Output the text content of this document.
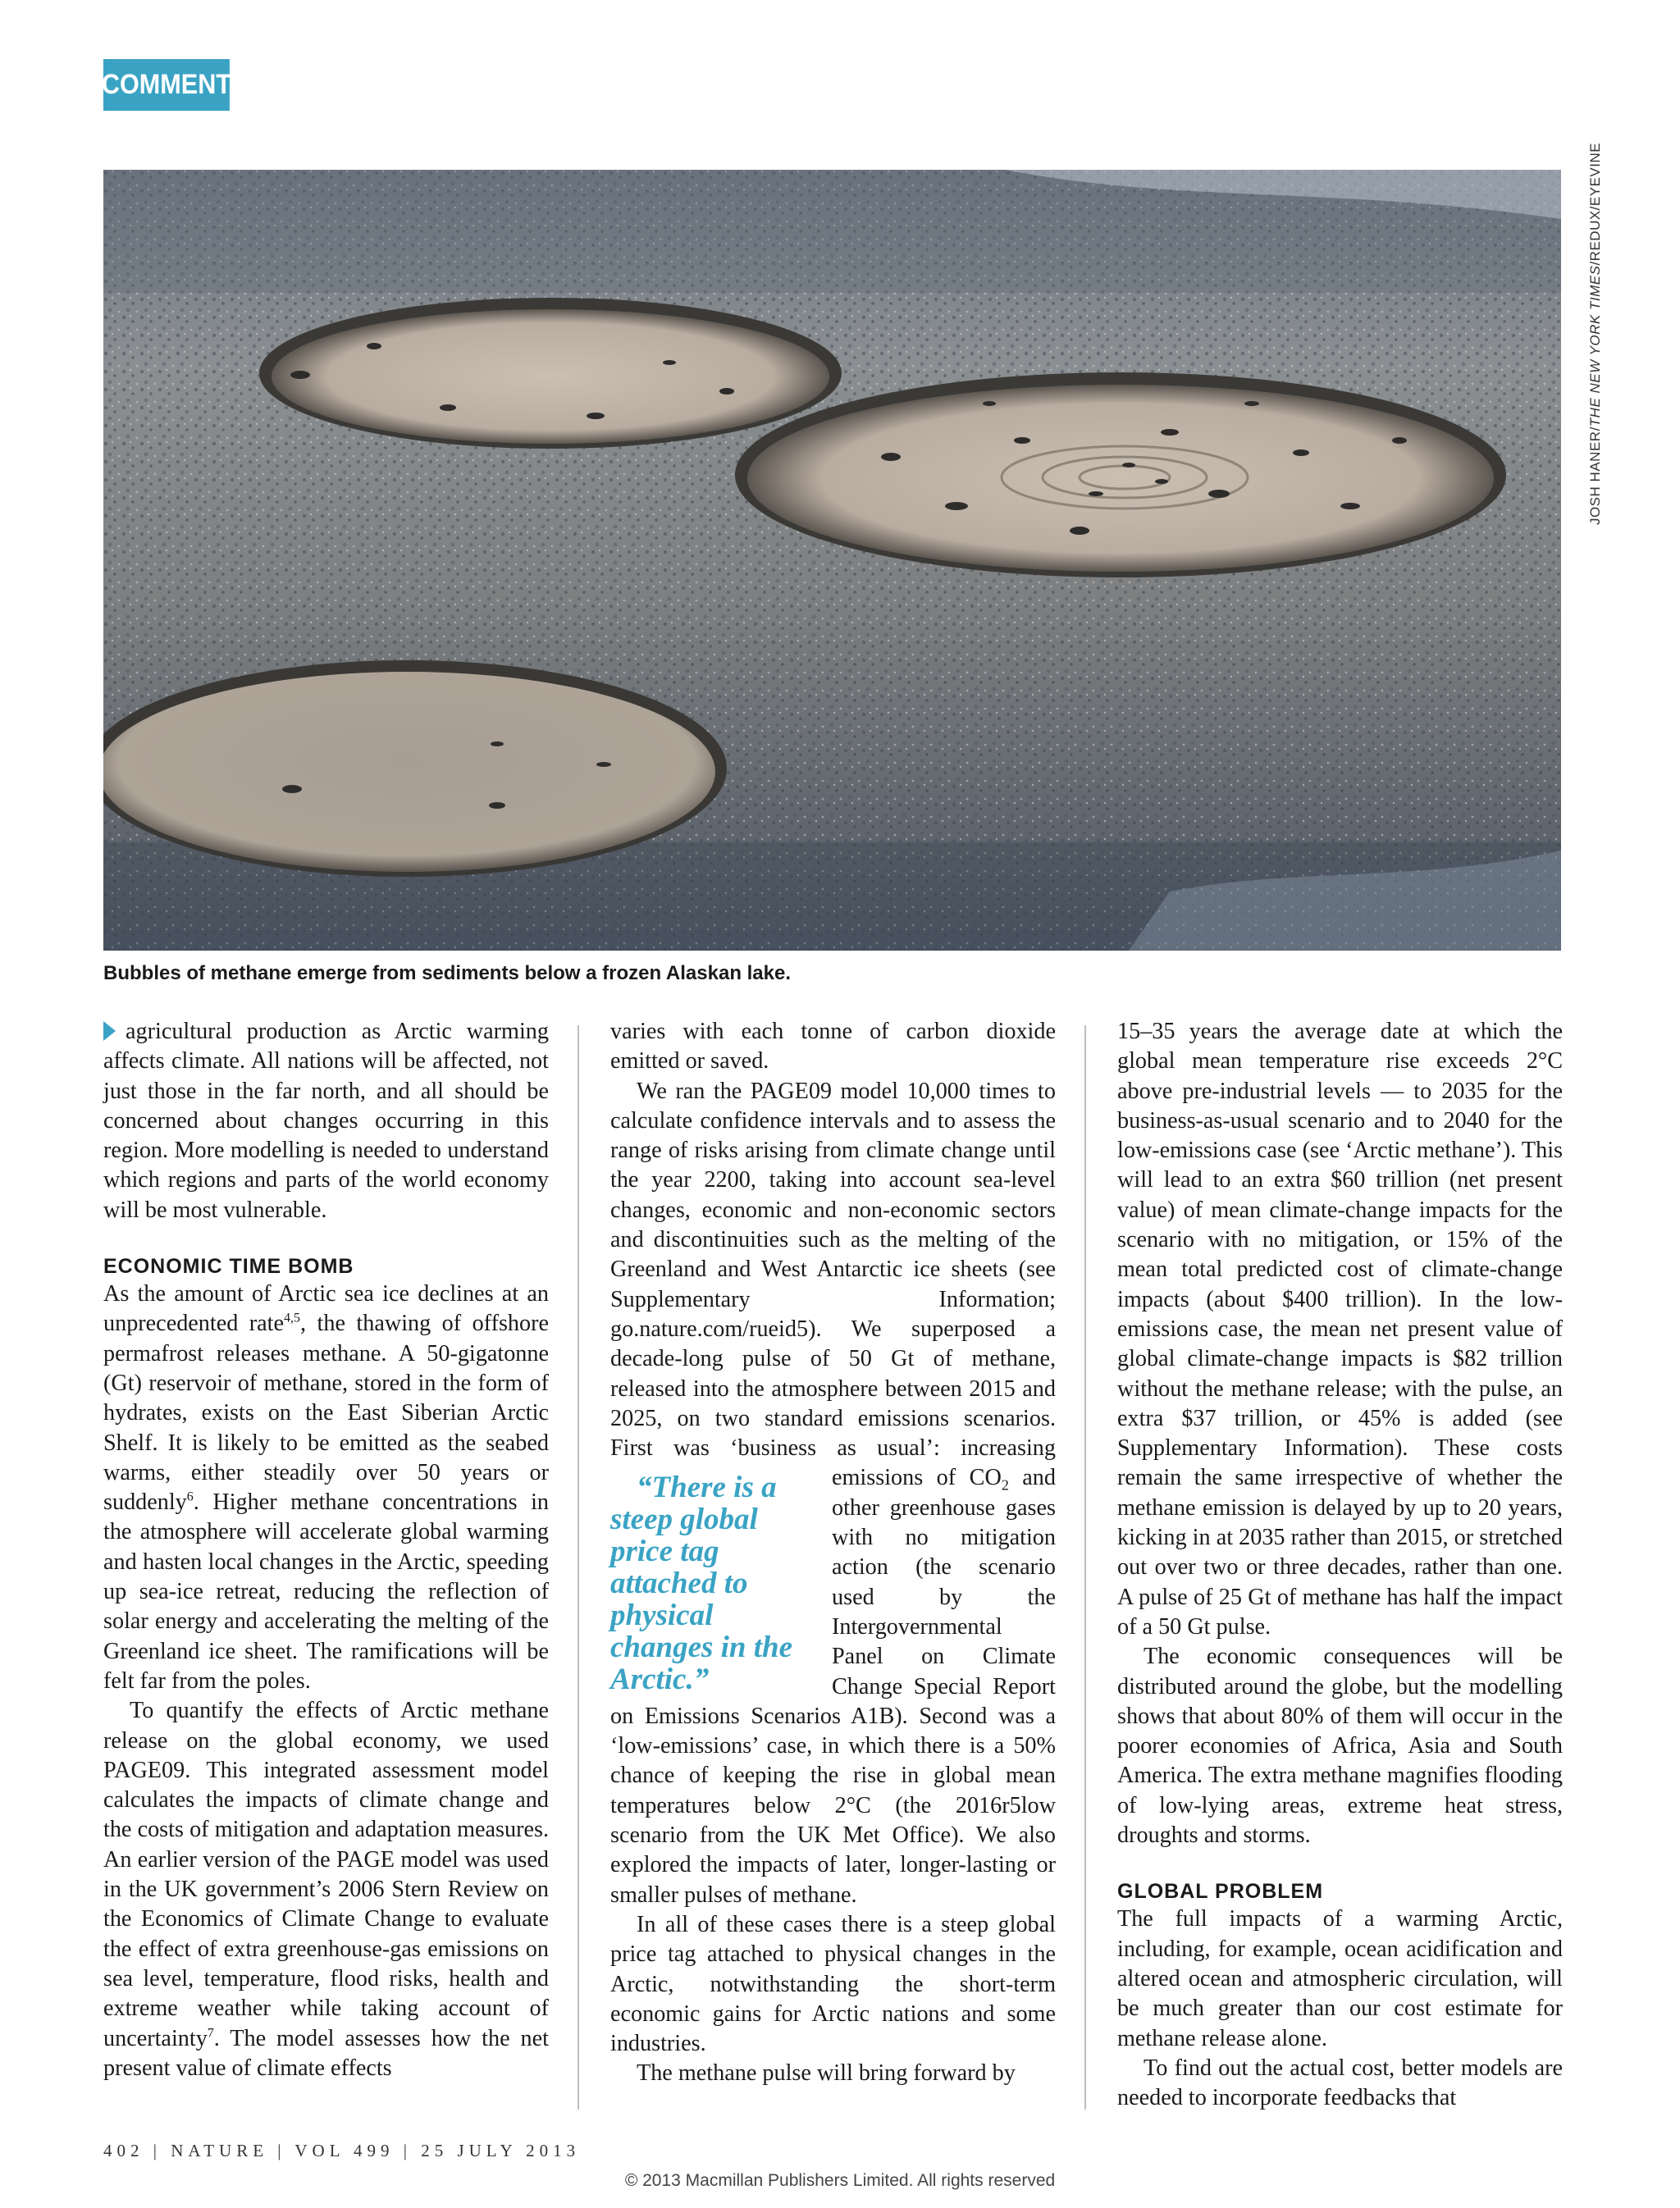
COMMENT
JOSH HANER/THE NEW YORK TIMES/REDUX/EYEVINE
Bubbles of methane emerge from sediments below a frozen Alaskan lake.

agricultural production as Arctic warming affects climate. All nations will be affected, not just those in the far north, and all should be concerned about changes occurring in this region. More modelling is needed to understand which regions and parts of the world economy will be most vulnerable.

ECONOMIC TIME BOMB

As the amount of Arctic sea ice declines at an unprecedented rate$^{4,5}$, the thawing of offshore permafrost releases methane. A 50-gigatonne (Gt) reservoir of methane, stored in the form of hydrates, exists on the East Siberian Arctic Shelf. It is likely to be emitted as the seabed warms, either steadily over 50 years or suddenly$^6$. Higher methane concentrations in the atmosphere will accelerate global warming and hasten local changes in the Arctic, speeding up sea-ice retreat, reducing the reflection of solar energy and accelerating the melting of the Greenland ice sheet. The ramifications will be felt far from the poles.

To quantify the effects of Arctic methane release on the global economy, we used PAGE09. This integrated assessment model calculates the impacts of climate change and the costs of mitigation and adaptation measures. An earlier version of the PAGE model was used in the UK government’s 2006 Stern Review on the Economics of Climate Change to evaluate the effect of extra greenhouse-gas emissions on sea level, temperature, flood risks, health and extreme weather while taking account of uncertainty$^7$. The model assesses how the net present value of climate effects

varies with each tonne of carbon dioxide emitted or saved.

We ran the PAGE09 model 10,000 times to calculate confidence intervals and to assess the range of risks arising from climate change until the year 2200, taking into account sea-level changes, economic and non-economic sectors and discontinuities such as the melting of the Greenland and West Antarctic ice sheets (see Supplementary Information; go.nature.com/rueid5). We superposed a decade-long pulse of 50 Gt of methane, released into the atmosphere between 2015 and 2025, on two standard emissions scenarios. First was ‘business as usual’:
“There is a steep global price tag attached to physical changes in the Arctic.”
increasing emissions of $CO_2$ and other greenhouse gases with no mitigation action (the scenario used by the Intergovernmental Panel on Climate Change Special Report on Emissions Scenarios A1B). Second was a ‘low-emissions’ case, in which there is a 50% chance of keeping the rise in global mean temperatures below 2°C (the 2016r5low scenario from the UK Met Office). We also explored the impacts of later, longer-lasting or smaller pulses of methane.

In all of these cases there is a steep global price tag attached to physical changes in the Arctic, notwithstanding the short-term economic gains for Arctic nations and some industries.

The methane pulse will bring forward by

15–35 years the average date at which the global mean temperature rise exceeds 2°C above pre-industrial levels — to 2035 for the business-as-usual scenario and to 2040 for the low-emissions case (see ‘Arctic methane’). This will lead to an extra $60 trillion (net present value) of mean climate-change impacts for the scenario with no mitigation, or 15% of the mean total predicted cost of climate-change impacts (about $400 trillion). In the low-emissions case, the mean net present value of global climate-change impacts is $82 trillion without the methane release; with the pulse, an extra $37 trillion, or 45% is added (see Supplementary Information). These costs remain the same irrespective of whether the methane emission is delayed by up to 20 years, kicking in at 2035 rather than 2015, or stretched out over two or three decades, rather than one. A pulse of 25 Gt of methane has half the impact of a 50 Gt pulse.

The economic consequences will be distributed around the globe, but the modelling shows that about 80% of them will occur in the poorer economies of Africa, Asia and South America. The extra methane magnifies flooding of low-lying areas, extreme heat stress, droughts and storms.

GLOBAL PROBLEM

The full impacts of a warming Arctic, including, for example, ocean acidification and altered ocean and atmospheric circulation, will be much greater than our cost estimate for methane release alone.

To find out the actual cost, better models are needed to incorporate feedbacks that

402 | NATURE | VOL 499 | 25 JULY 2013
© 2013 Macmillan Publishers Limited. All rights reserved
